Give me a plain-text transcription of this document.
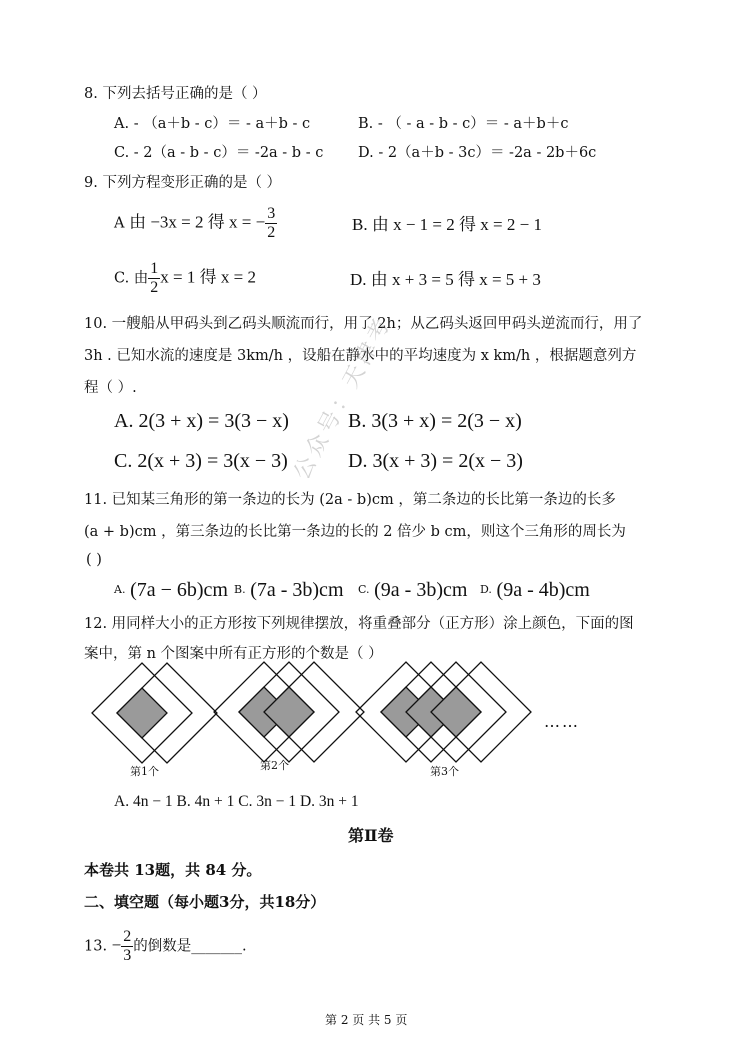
8. 下列去括号正确的是（ ）
A. - （a＋b - c）＝ - a＋b - c	B. - （ - a - b - c）＝ - a＋b＋c
C. - 2（a - b - c）＝ -2a - b - c D. - 2（a＋b - 3c）＝ -2a - 2b＋6c
9. 下列方程变形正确的是（ ）
A 由 −3x = 2 得 x = − $\frac{3}{2}$	B. 由 x − 1 = 2 得 x = 2 − 1
C. 由 $\frac{1}{2}$ x = 1 得 x = 2	D. 由 x + 3 = 5 得 x = 5 + 3
10. 一艘船从甲码头到乙码头顺流而行，用了 2h；从乙码头返回甲码头逆流而行，用了
3h . 已知水流的速度是 3km/h ，设船在静水中的平均速度为 x km/h ，根据题意列方
程（ ）.
A. 2(3 + x) = 3(3 − x)	B. 3(3 + x) = 2(3 − x)
C. 2(x + 3) = 3(x − 3)	D. 3(x + 3) = 2(x − 3)
11. 已知某三角形的第一条边的长为 (2a - b)cm ，第二条边的长比第一条边的长多
(a + b)cm ，第三条边的长比第一条边的长的 2 倍少 b cm，则这个三角形的周长为
( )
$^{A.}$ (7a − 6b)cm $^{B.}$ (7a - 3b)cm $^{C.}$ (9a - 3b)cm $^{D.}$ (9a - 4b)cm
12. 用同样大小的正方形按下列规律摆放，将重叠部分（正方形）涂上颜色，下面的图
案中，第 n 个图案中所有正方形的个数是（ ）
第1个	第2个	第3个
……
A. 4n − 1 B. 4n + 1 C. 3n − 1 D. 3n + 1
第Ⅱ卷
本卷共 13题，共 84 分。
二、填空题（每小题3分，共18分）
13. − $\frac{2}{3}$ 的倒数是_______.
公众号：天津考
第 2 页 共 5 页
